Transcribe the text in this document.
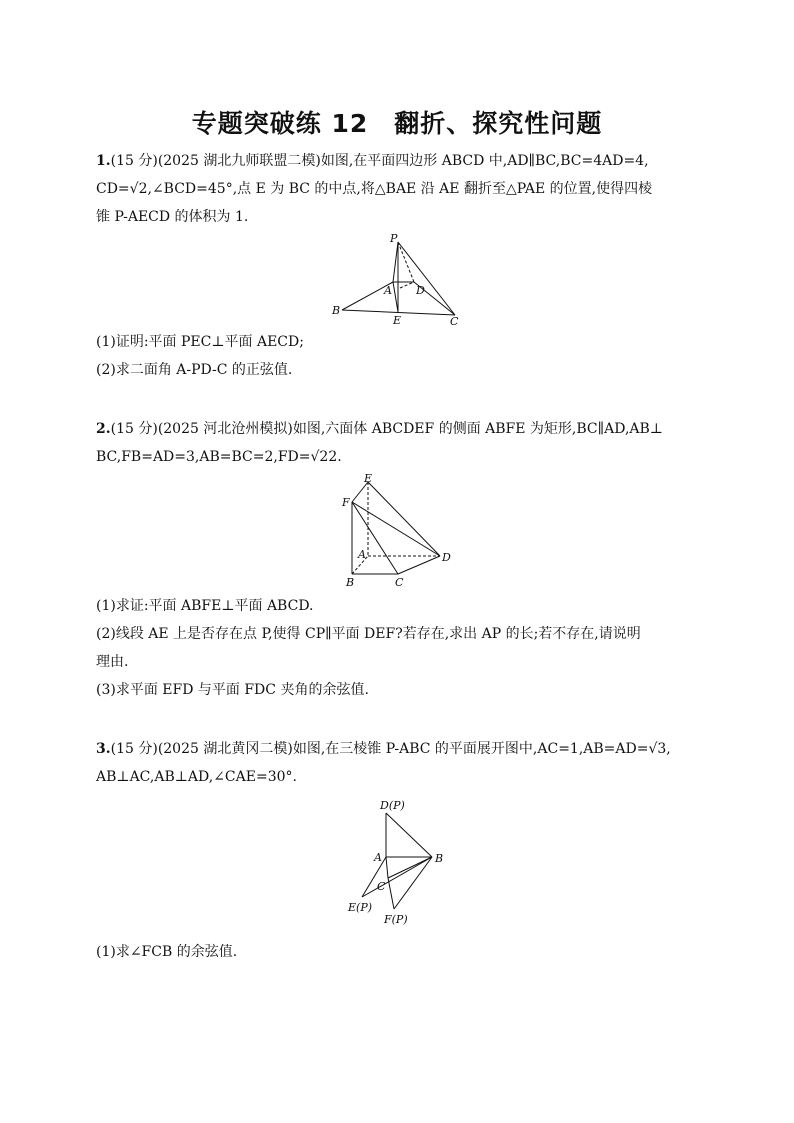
专题突破练 12　翻折、探究性问题
1.(15 分)(2025 湖北九师联盟二模)如图,在平面四边形 ABCD 中,AD∥BC,BC=4AD=4,
CD=√2,∠BCD=45°,点 E 为 BC 的中点,将△BAE 沿 AE 翻折至△PAE 的位置,使得四棱
锥 P-AECD 的体积为 1.
P
A D
B
E	C
(1)证明:平面 PEC⊥平面 AECD;
(2)求二面角 A-PD-C 的正弦值.
2.(15 分)(2025 河北沧州模拟)如图,六面体 ABCDEF 的侧面 ABFE 为矩形,BC∥AD,AB⊥
BC,FB=AD=3,AB=BC=2,FD=√22.
E
F
A	D
B	C
(1)求证:平面 ABFE⊥平面 ABCD.
(2)线段 AE 上是否存在点 P,使得 CP∥平面 DEF?若存在,求出 AP 的长;若不存在,请说明
理由.
(3)求平面 EFD 与平面 FDC 夹角的余弦值.
3.(15 分)(2025 湖北黄冈二模)如图,在三棱锥 P-ABC 的平面展开图中,AC=1,AB=AD=√3,
AB⊥AC,AB⊥AD,∠CAE=30°.
D(P)
A	B
C
E(P)
F(P)
(1)求∠FCB 的余弦值.
